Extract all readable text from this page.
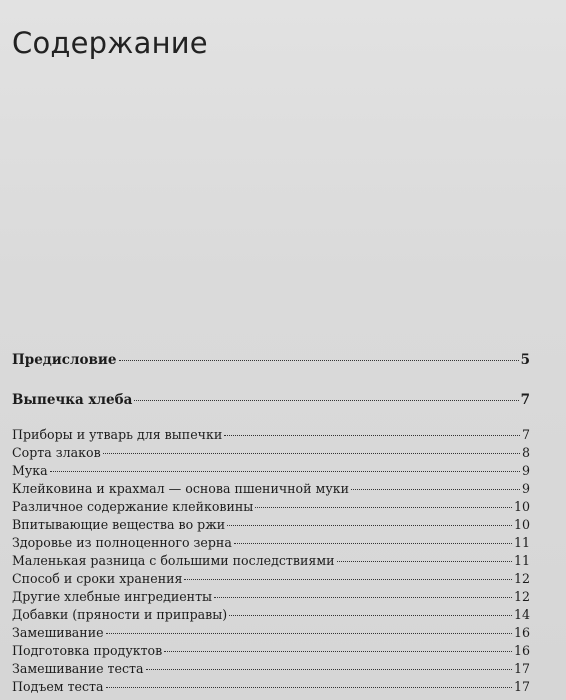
Содержание
Предисловие	5
Выпечка хлеба	7
Приборы и утварь для выпечки	7
Сорта злаков	8
Мука	9
Клейковина и крахмал — основа пшеничной муки	9
Различное содержание клейковины	10
Впитывающие вещества во ржи	10
Здоровье из полноценного зерна	11
Маленькая разница с большими последствиями	11
Способ и сроки хранения	12
Другие хлебные ингредиенты	12
Добавки (пряности и приправы)	14
Замешивание	16
Подготовка продуктов	16
Замешивание теста	17
Подъем теста	17
